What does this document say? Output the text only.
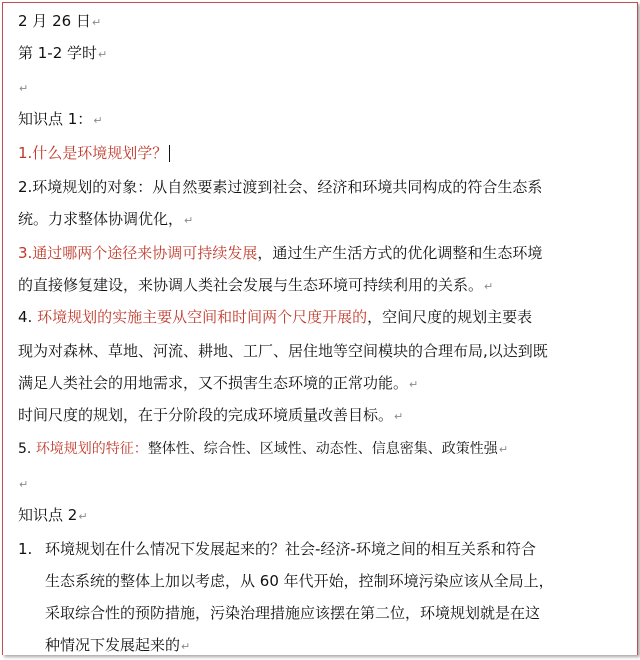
2 月 26 日↵
第 1-2 学时↵
↵
知识点 1：↵
1.什么是环境规划学？
2.环境规划的对象：从自然要素过渡到社会、经济和环境共同构成的符合生态系
统。力求整体协调优化，↵
3.通过哪两个途径来协调可持续发展，通过生产生活方式的优化调整和生态环境
的直接修复建设，来协调人类社会发展与生态环境可持续利用的关系。↵
4. 环境规划的实施主要从空间和时间两个尺度开展的，空间尺度的规划主要表
现为对森林、草地、河流、耕地、工厂、居住地等空间模块的合理布局,以达到既
满足人类社会的用地需求，又不损害生态环境的正常功能。↵
时间尺度的规划，在于分阶段的完成环境质量改善目标。↵
5. 环境规划的特征：整体性、综合性、区域性、动态性、信息密集、政策性强↵
↵
知识点 2↵
1. 环境规划在什么情况下发展起来的？社会-经济-环境之间的相互关系和符合
生态系统的整体上加以考虑，从 60 年代开始，控制环境污染应该从全局上，
采取综合性的预防措施，污染治理措施应该摆在第二位，环境规划就是在这
种情况下发展起来的↵
